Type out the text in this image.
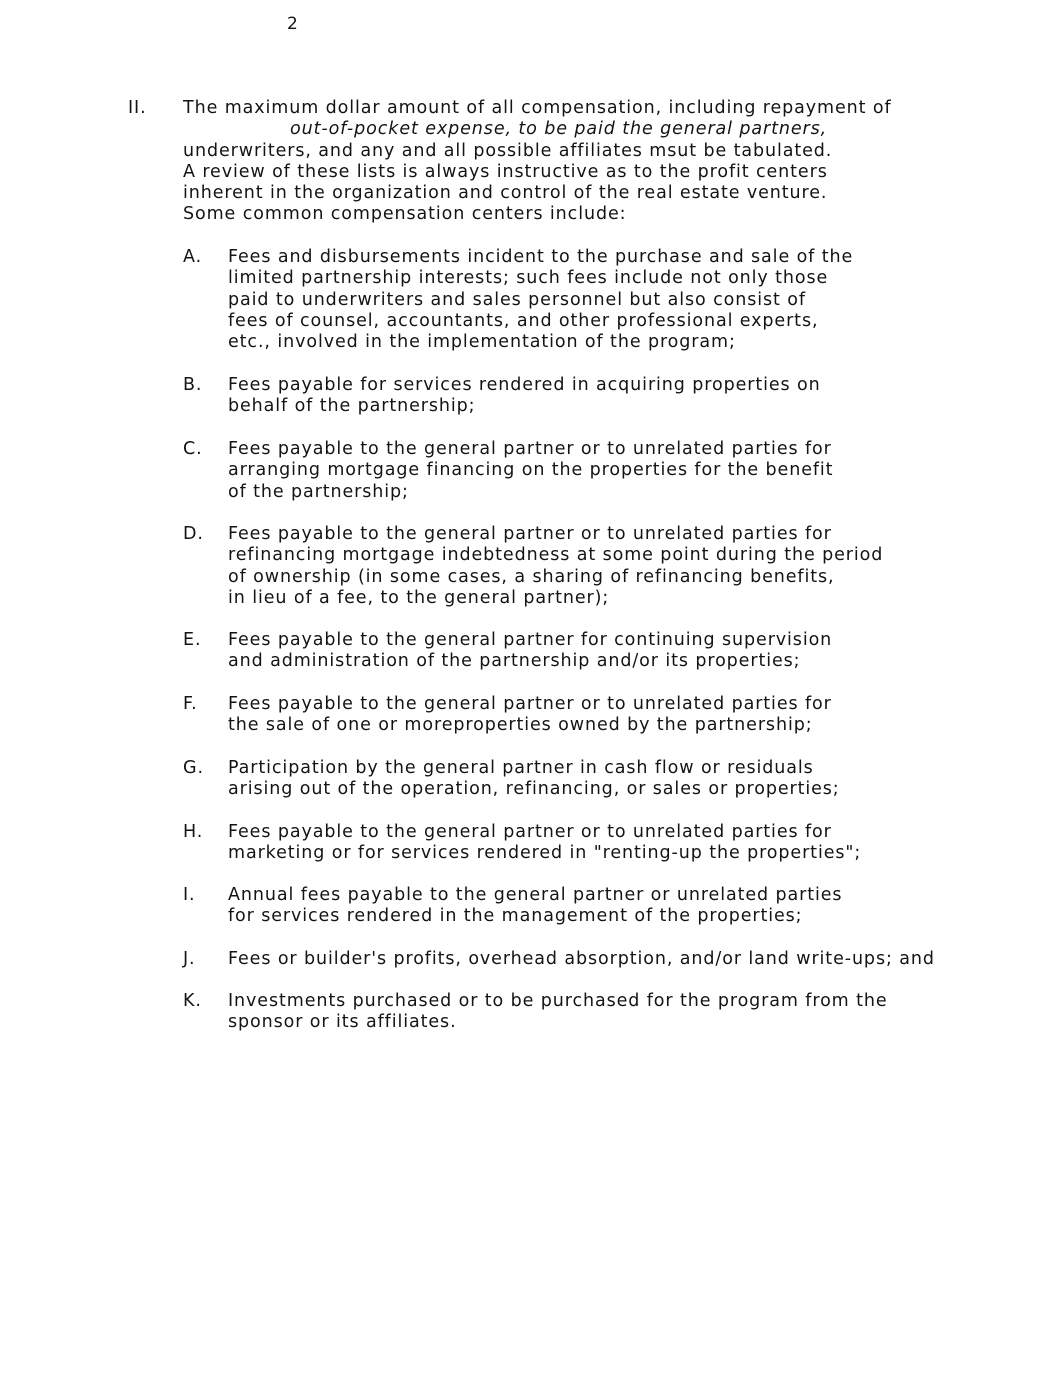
2
II. The maximum dollar amount of all compensation, including repayment of
out-of-pocket expense, to be paid the general partners,
underwriters, and any and all possible affiliates msut be tabulated.
A review of these lists is always instructive as to the profit centers
inherent in the organization and control of the real estate venture.
Some common compensation centers include:
A. Fees and disbursements incident to the purchase and sale of the
limited partnership interests; such fees include not only those
paid to underwriters and sales personnel but also consist of
fees of counsel, accountants, and other professional experts,
etc., involved in the implementation of the program;
B. Fees payable for services rendered in acquiring properties on
behalf of the partnership;
C. Fees payable to the general partner or to unrelated parties for
arranging mortgage financing on the properties for the benefit
of the partnership;
D. Fees payable to the general partner or to unrelated parties for
refinancing mortgage indebtedness at some point during the period
of ownership (in some cases, a sharing of refinancing benefits,
in lieu of a fee, to the general partner);
E. Fees payable to the general partner for continuing supervision
and administration of the partnership and/or its properties;
F. Fees payable to the general partner or to unrelated parties for
the sale of one or moreproperties owned by the partnership;
G. Participation by the general partner in cash flow or residuals
arising out of the operation, refinancing, or sales or properties;
H. Fees payable to the general partner or to unrelated parties for
marketing or for services rendered in "renting-up the properties";
I. Annual fees payable to the general partner or unrelated parties
for services rendered in the management of the properties;
J. Fees or builder's profits, overhead absorption, and/or land write-ups; and
K. Investments purchased or to be purchased for the program from the
sponsor or its affiliates.
